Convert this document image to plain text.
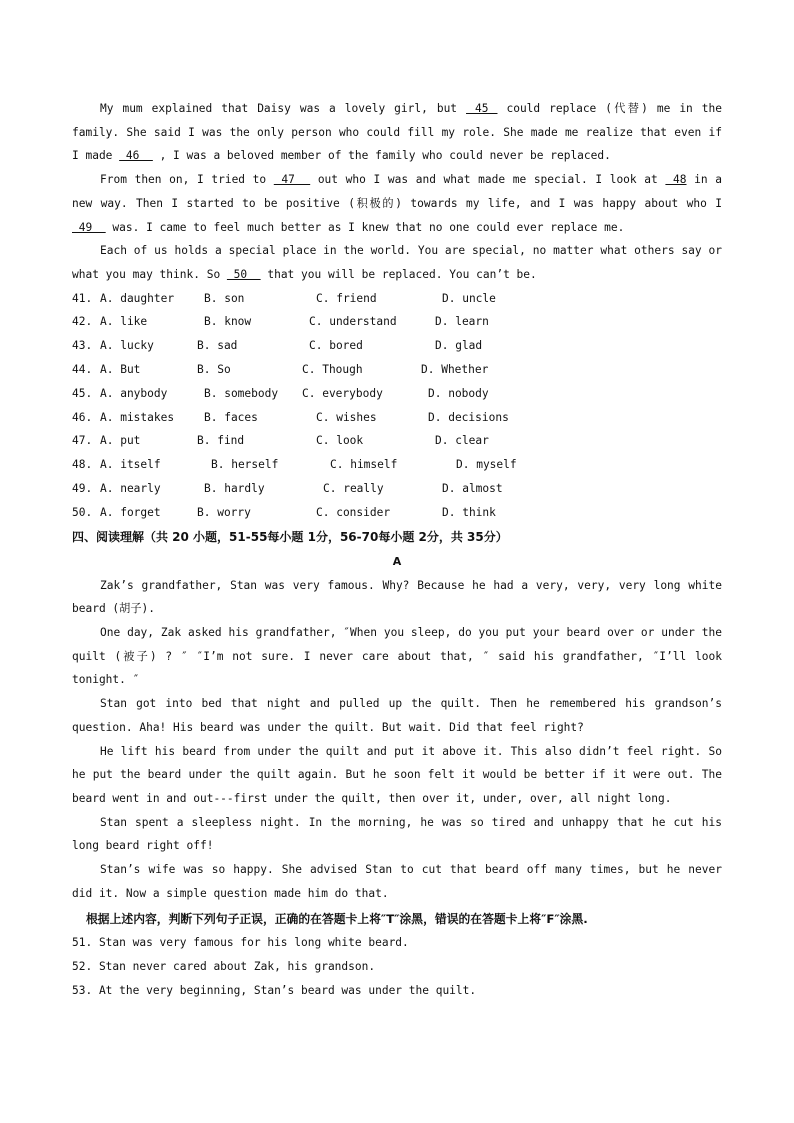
My mum explained that Daisy was a lovely girl, but  45  could replace (代替) me in the family. She said I was the only person who could fill my role. She made me realize that even if I made  46   , I was a beloved member of the family who could never be replaced.
From then on, I tried to  47   out who I was and what made me special. I look at  48 in a new way. Then I started to be positive (积极的) towards my life, and I was happy about who I  49   was. I came to feel much better as I knew that no one could ever replace me.
Each of us holds a special place in the world. You are special, no matter what others say or what you may think. So  50   that you will be replaced. You can’t be.
41. A. daughter	B. son	C. friend	D. uncle
42. A. like	B. know	C. understand	D. learn
43. A. lucky	B. sad	C. bored	D. glad
44. A. But	B. So	C. Though	D. Whether
45. A. anybody	B. somebody	C. everybody	D. nobody
46. A. mistakes	B. faces	C. wishes	D. decisions
47. A. put	B. find	C. look	D. clear
48. A. itself	B. herself	C. himself	D. myself
49. A. nearly	B. hardly	C. really	D. almost
50. A. forget	B. worry	C. consider	D. think
四、阅读理解（共 20 小题，51-55每小题 1分，56-70每小题 2分，共 35分）
A
Zak’s grandfather, Stan was very famous. Why? Because he had a very, very, very long white beard (胡子).
One day, Zak asked his grandfather, ″When you sleep, do you put your beard over or under the quilt (被子) ? ″ ″I’m not sure. I never care about that, ″ said his grandfather, ″I’ll look tonight. ″
Stan got into bed that night and pulled up the quilt. Then he remembered his grandson’s question. Aha! His beard was under the quilt. But wait. Did that feel right?
He lift his beard from under the quilt and put it above it. This also didn’t feel right. So he put the beard under the quilt again. But he soon felt it would be better if it were out. The beard went in and out---first under the quilt, then over it, under, over, all night long.
Stan spent a sleepless night. In the morning, he was so tired and unhappy that he cut his long beard right off!
Stan’s wife was so happy. She advised Stan to cut that beard off many times, but he never did it. Now a simple question made him do that.
根据上述内容，判断下列句子正误，正确的在答题卡上将″T″涂黑，错误的在答题卡上将″F″涂黑.
51. Stan was very famous for his long white beard.
52. Stan never cared about Zak, his grandson.
53. At the very beginning, Stan’s beard was under the quilt.
